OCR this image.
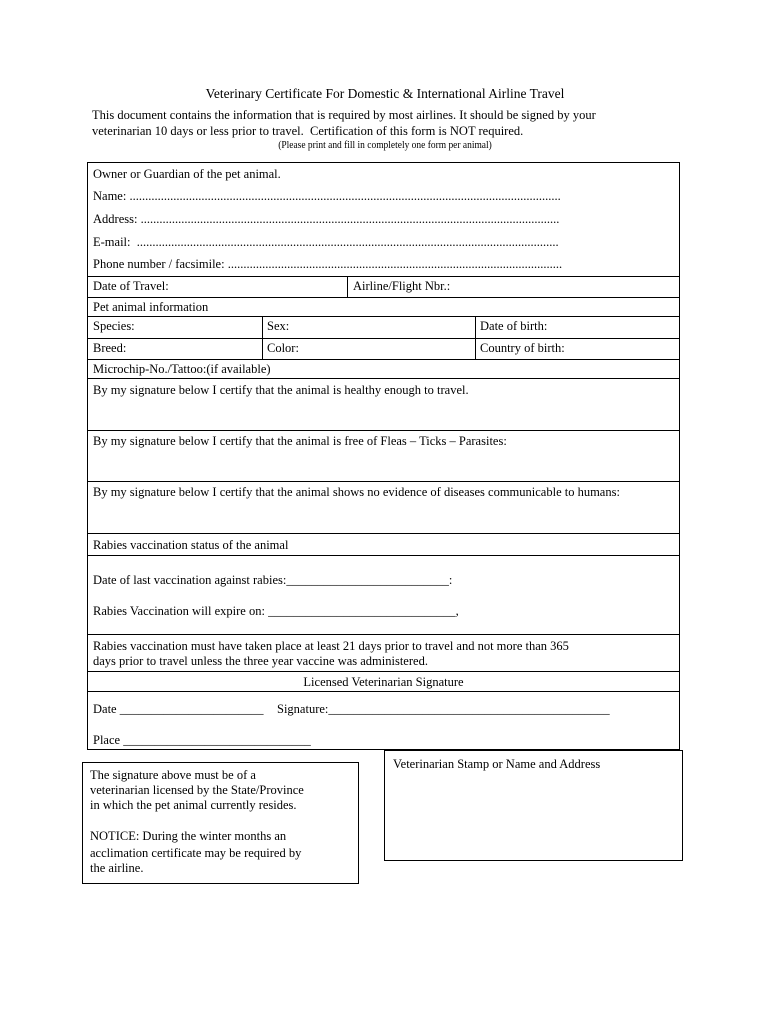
Veterinary Certificate For Domestic & International Airline Travel
This document contains the information that is required by most airlines. It should be signed by your
veterinarian 10 days or less prior to travel.  Certification of this form is NOT required.
(Please print and fill in completely one form per animal)
Owner or Guardian of the pet animal.
Name: ..........................................................................................................................................
Address: ......................................................................................................................................
E-mail:  .......................................................................................................................................
Phone number / facsimile: ...........................................................................................................
Date of Travel:	Airline/Flight Nbr.:
Pet animal information
Species:	Sex:	Date of birth:
Breed:	Color:	Country of birth:
Microchip-No./Tattoo:(if available)
By my signature below I certify that the animal is healthy enough to travel.
By my signature below I certify that the animal is free of Fleas – Ticks – Parasites:
By my signature below I certify that the animal shows no evidence of diseases communicable to humans:
Rabies vaccination status of the animal
Date of last vaccination against rabies:__________________________:
Rabies Vaccination will expire on: ______________________________,
Rabies vaccination must have taken place at least 21 days prior to travel and not more than 365
days prior to travel unless the three year vaccine was administered.
Licensed Veterinarian Signature
Date _______________________ Signature:_____________________________________________
Place ______________________________
The signature above must be of a
veterinarian licensed by the State/Province
in which the pet animal currently resides.
NOTICE: During the winter months an
acclimation certificate may be required by
the airline.
Veterinarian Stamp or Name and Address
